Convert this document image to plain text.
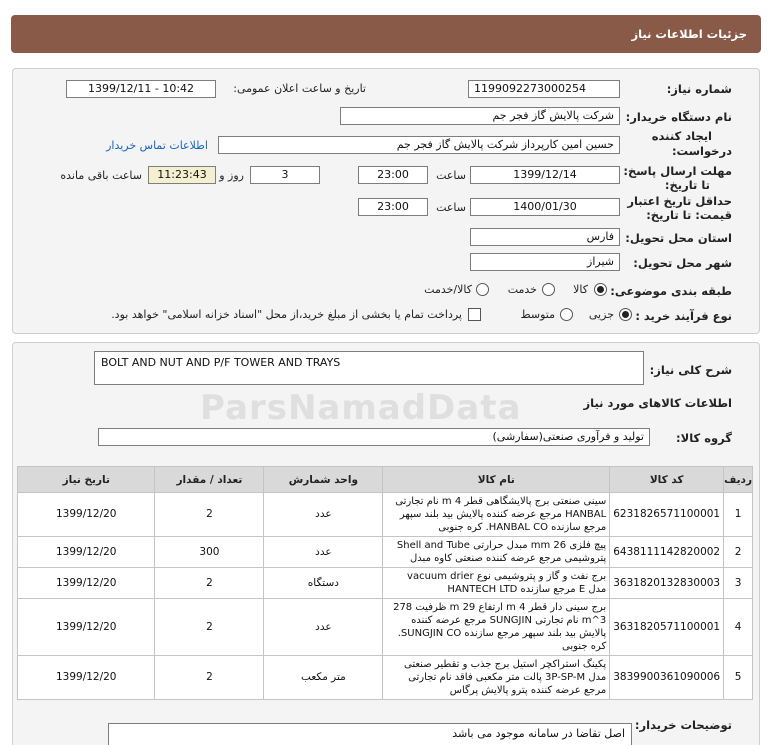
جزئیات اطلاعات نیاز
شماره نیاز:
1199092273000254
تاریخ و ساعت اعلان عمومی:
1399/12/11 - 10:42
نام دستگاه خریدار:
شرکت پالایش گاز فجر جم
ایجاد کننده
درخواست:
حسین امین کارپرداز شرکت پالایش گاز فجر جم
اطلاعات تماس خریدار
مهلت ارسال پاسخ:
تا تاریخ:
1399/12/14
ساعت
23:00
3
روز و
11:23:43
ساعت باقی مانده
حداقل تاریخ اعتبار
قیمت: تا تاریخ:
1400/01/30
ساعت
23:00
استان محل تحویل:
فارس
شهر محل تحویل:
شیراز
طبقه بندی موضوعی:
کالا
خدمت
کالا/خدمت
نوع فرآیند خرید :
جزیی
متوسط
پرداخت تمام یا بخشی از مبلغ خرید،از محل "اسناد خزانه اسلامی" خواهد بود.
شرح کلی نیاز:
BOLT AND NUT AND P/F TOWER AND TRAYS
ParsNamadData	اطلاعات کالاهای مورد نیاز
گروه کالا:
تولید و فرآوری صنعتی(سفارشی)
ردیف	کد کالا	نام کالا	واحد شمارش	تعداد / مقدار	تاریخ نیاز
1	6231826571100001	سینی صنعتی برج پالایشگاهی قطر 4 m نام تجارتی HANBAL مرجع عرضه کننده پالایش بید بلند سپهر مرجع سازنده HANBAL CO. کره جنوبی	عدد	2	1399/12/20
2	6438111142820002	پیچ فلزی 26 mm مبدل حرارتی Shell and Tube پتروشیمی مرجع عرضه کننده صنعتی کاوه مبدل	عدد	300	1399/12/20
3	3631820132830003	برج نفت و گاز و پتروشیمی نوع vacuum drier مدل E مرجع سازنده HANTECH LTD	دستگاه	2	1399/12/20
4	3631820571100001	برج سینی دار قطر 4 m ارتفاع 29 m ظرفیت 278 m^3 نام تجارتی SUNGJIN مرجع عرضه کننده پالایش بید بلند سپهر مرجع سازنده SUNGJIN CO. کره جنوبی	عدد	2	1399/12/20
5	3839900361090006	پکینگ استراکچر استیل برج جذب و تقطیر صنعتی مدل 3P-SP-M پالت متر مکعبی فاقد نام تجارتی مرجع عرضه کننده پترو پالایش پرگاس	متر مکعب	2	1399/12/20
توضیحات خریدار:
اصل تقاضا در سامانه موجود می باشد
